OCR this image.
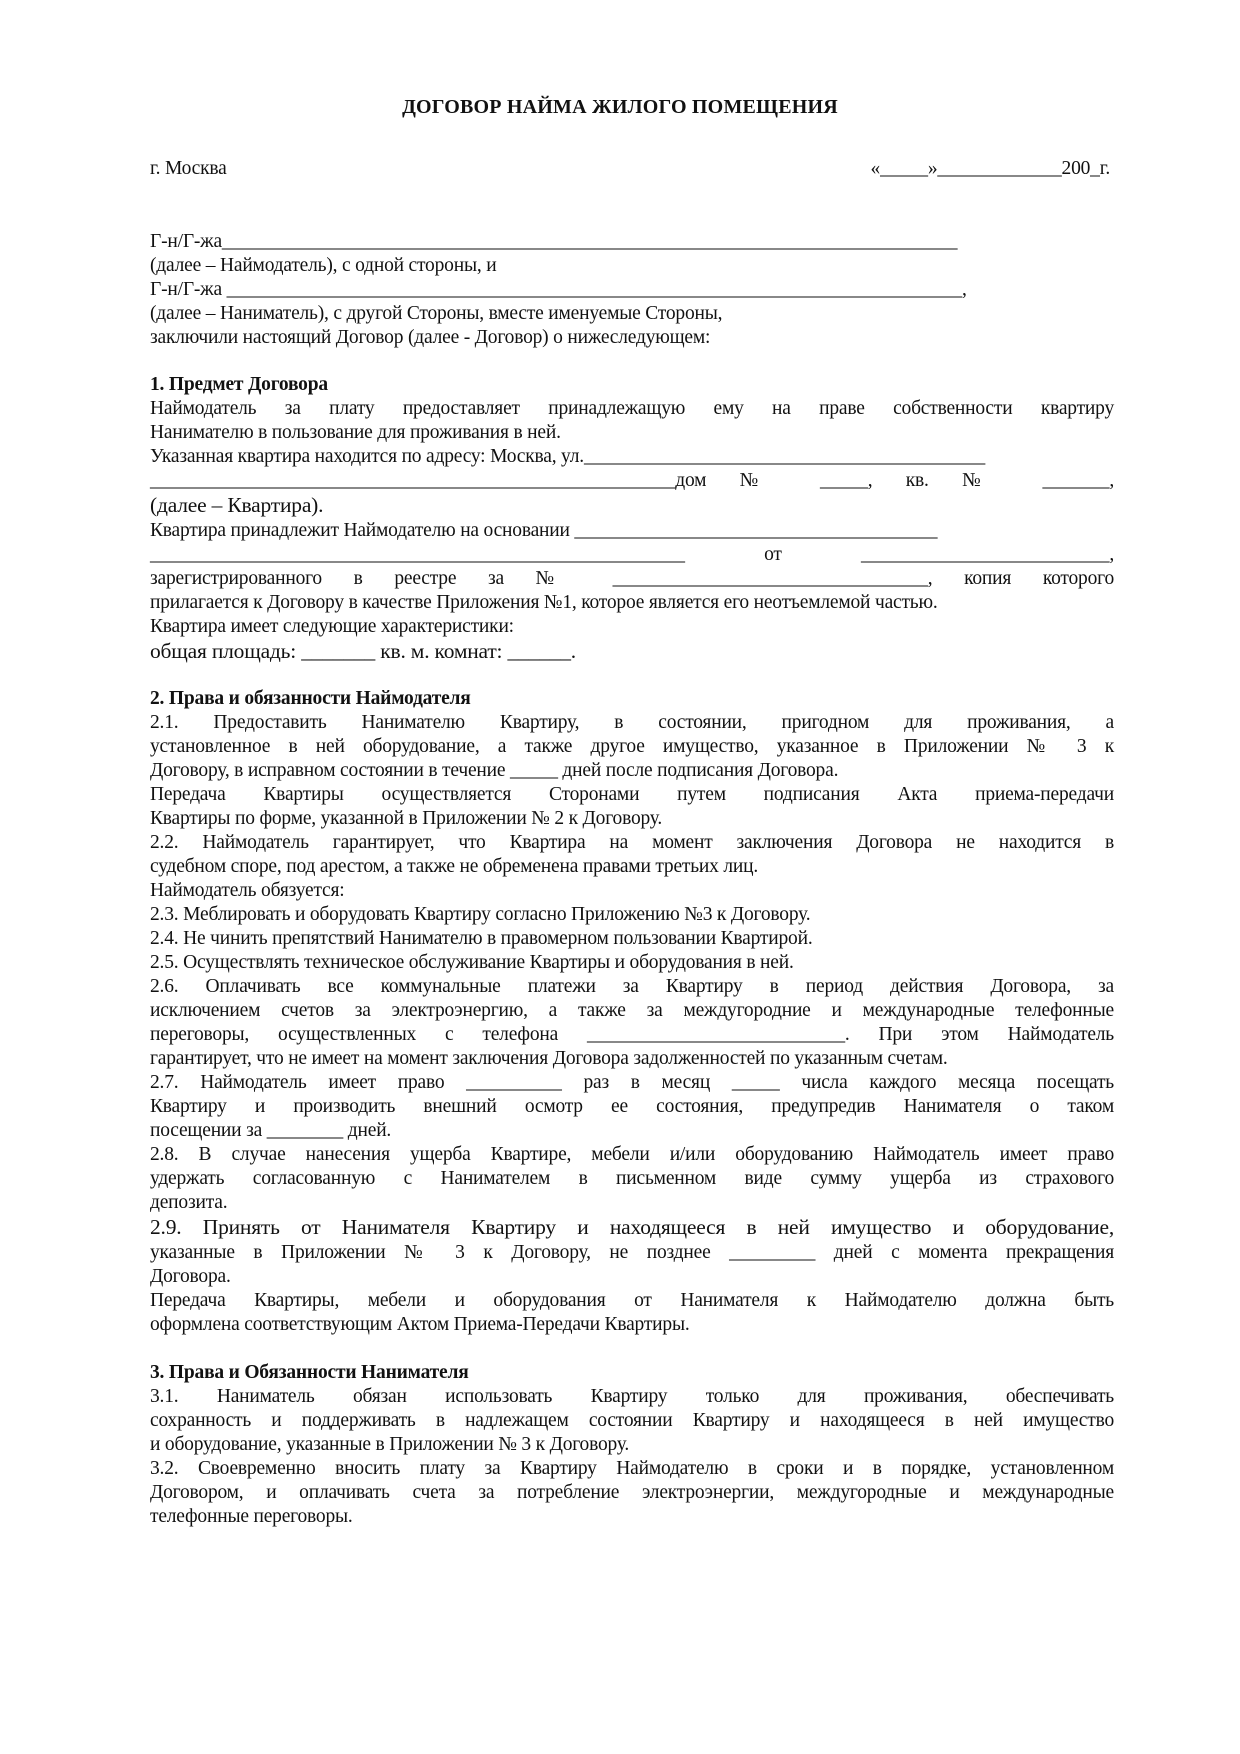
ДОГОВОР НАЙМА ЖИЛОГО ПОМЕЩЕНИЯ
г. Москва	«_____»_____________200_г.
Г-н/Г-жа_____________________________________________________________________________
(далее – Наймодатель), с одной стороны, и
Г-н/Г-жа _____________________________________________________________________________,
(далее – Наниматель), с другой Стороны, вместе именуемые Стороны,
заключили настоящий Договор (далее - Договор) о нижеследующем:
1. Предмет Договора
Наймодатель за плату предоставляет принадлежащую ему на праве собственности квартиру
Нанимателю в пользование для проживания в ней.
Указанная квартира находится по адресу: Москва, ул.__________________________________________
_______________________________________________________дом № _____, кв. № _______,
(далее – Квартира).
Квартира принадлежит Наймодателю на основании ______________________________________
________________________________________________________ от __________________________,
зарегистрированного в реестре за № _________________________________, копия которого
прилагается к Договору в качестве Приложения №1, которое является его неотъемлемой частью.
Квартира имеет следующие характеристики:
общая площадь: _______ кв. м. комнат: ______.
2. Права и обязанности Наймодателя
2.1. Предоставить Нанимателю Квартиру, в состоянии, пригодном для проживания, а
установленное в ней оборудование, а также другое имущество, указанное в Приложении № 3 к
Договору, в исправном состоянии в течение _____ дней после подписания Договора.
Передача Квартиры осуществляется Сторонами путем подписания Акта приема-передачи
Квартиры по форме, указанной в Приложении № 2 к Договору.
2.2. Наймодатель гарантирует, что Квартира на момент заключения Договора не находится в
судебном споре, под арестом, а также не обременена правами третьих лиц.
Наймодатель обязуется:
2.3. Меблировать и оборудовать Квартиру согласно Приложению №3 к Договору.
2.4. Не чинить препятствий Нанимателю в правомерном пользовании Квартирой.
2.5. Осуществлять техническое обслуживание Квартиры и оборудования в ней.
2.6. Оплачивать все коммунальные платежи за Квартиру в период действия Договора, за
исключением счетов за электроэнергию, а также за междугородние и международные телефонные
переговоры, осуществленных с телефона ___________________________. При этом Наймодатель
гарантирует, что не имеет на момент заключения Договора задолженностей по указанным счетам.
2.7. Наймодатель имеет право __________ раз в месяц _____ числа каждого месяца посещать
Квартиру и производить внешний осмотр ее состояния, предупредив Нанимателя о таком
посещении за ________ дней.
2.8. В случае нанесения ущерба Квартире, мебели и/или оборудованию Наймодатель имеет право
удержать согласованную с Нанимателем в письменном виде сумму ущерба из страхового
депозита.
2.9. Принять от Нанимателя Квартиру и находящееся в ней имущество и оборудование,
указанные в Приложении № 3 к Договору, не позднее _________ дней с момента прекращения
Договора.
Передача Квартиры, мебели и оборудования от Нанимателя к Наймодателю должна быть
оформлена соответствующим Актом Приема-Передачи Квартиры.
3. Права и Обязанности Нанимателя
3.1. Наниматель обязан использовать Квартиру только для проживания, обеспечивать
сохранность и поддерживать в надлежащем состоянии Квартиру и находящееся в ней имущество
и оборудование, указанные в Приложении № 3 к Договору.
3.2. Своевременно вносить плату за Квартиру Наймодателю в сроки и в порядке, установленном
Договором, и оплачивать счета за потребление электроэнергии, междугородные и международные
телефонные переговоры.
